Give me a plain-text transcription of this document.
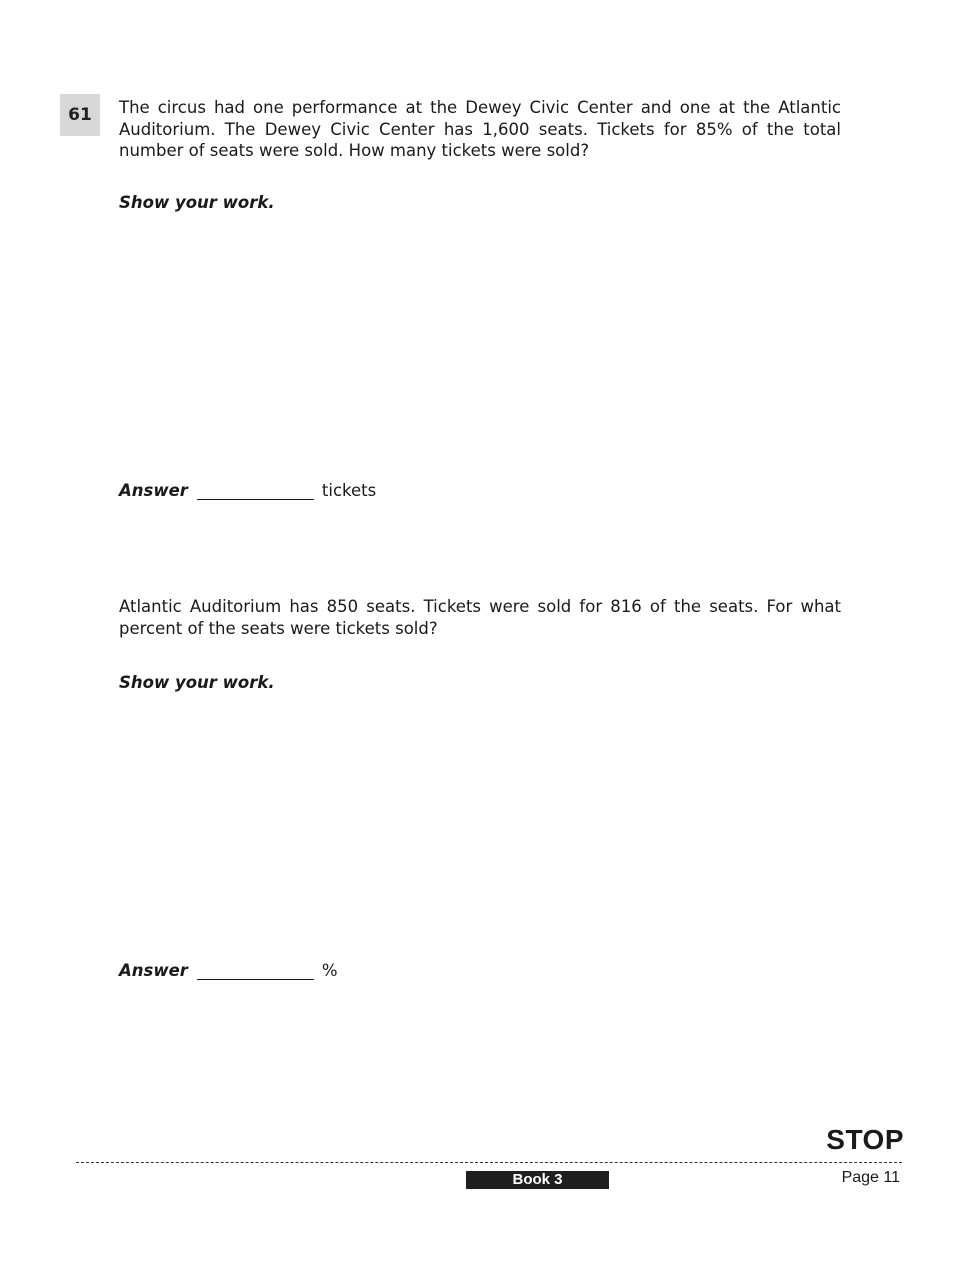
61	The circus had one performance at the Dewey Civic Center and one at the Atlantic Auditorium. The Dewey Civic Center has 1,600 seats. Tickets for 85% of the total number of seats were sold. How many tickets were sold?

Show your work.

Answer	tickets

Atlantic Auditorium has 850 seats. Tickets were sold for 816 of the seats. For what percent of the seats were tickets sold?

Show your work.

Answer	%
STOP
Book 3	Page 11
